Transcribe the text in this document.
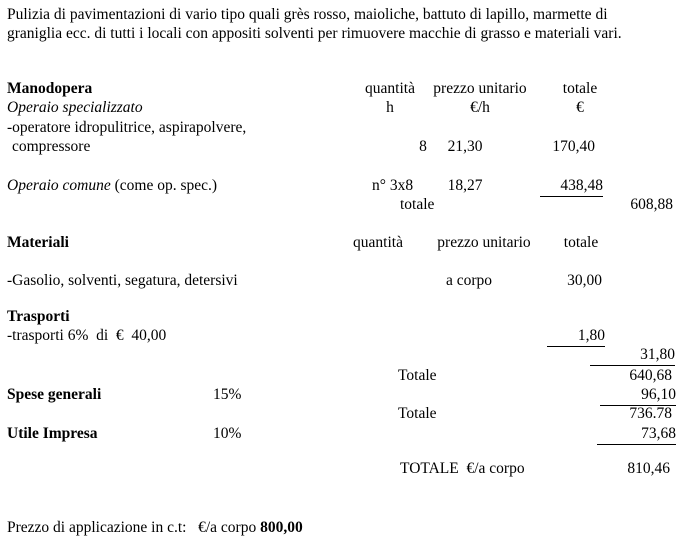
Pulizia di pavimentazioni di vario tipo quali grès rosso, maioliche, battuto di lapillo, marmette di
graniglia ecc. di tutti i locali con appositi solventi per rimuovere macchie di grasso e materiali vari.
Manodopera	quantità	prezzo unitario	totale
Operaio specializzato	h	€/h	€
-operatore idropulitrice, aspirapolvere,
compressore	8	21,30	170,40
Operaio comune (come op. spec.)	n° 3x8	18,27	438,48
totale	608,88
Materiali	quantità	prezzo unitario	totale
-Gasolio, solventi, segatura, detersivi	a corpo	30,00
Trasporti
-trasporti 6%  di  €  40,00	1,80
31,80
Totale	640,68
Spese generali	15%	96,10
Totale	736.78
Utile Impresa	10%	73,68
TOTALE  €/a corpo	810,46
Prezzo di applicazione in c.t:   €/a corpo 800,00
